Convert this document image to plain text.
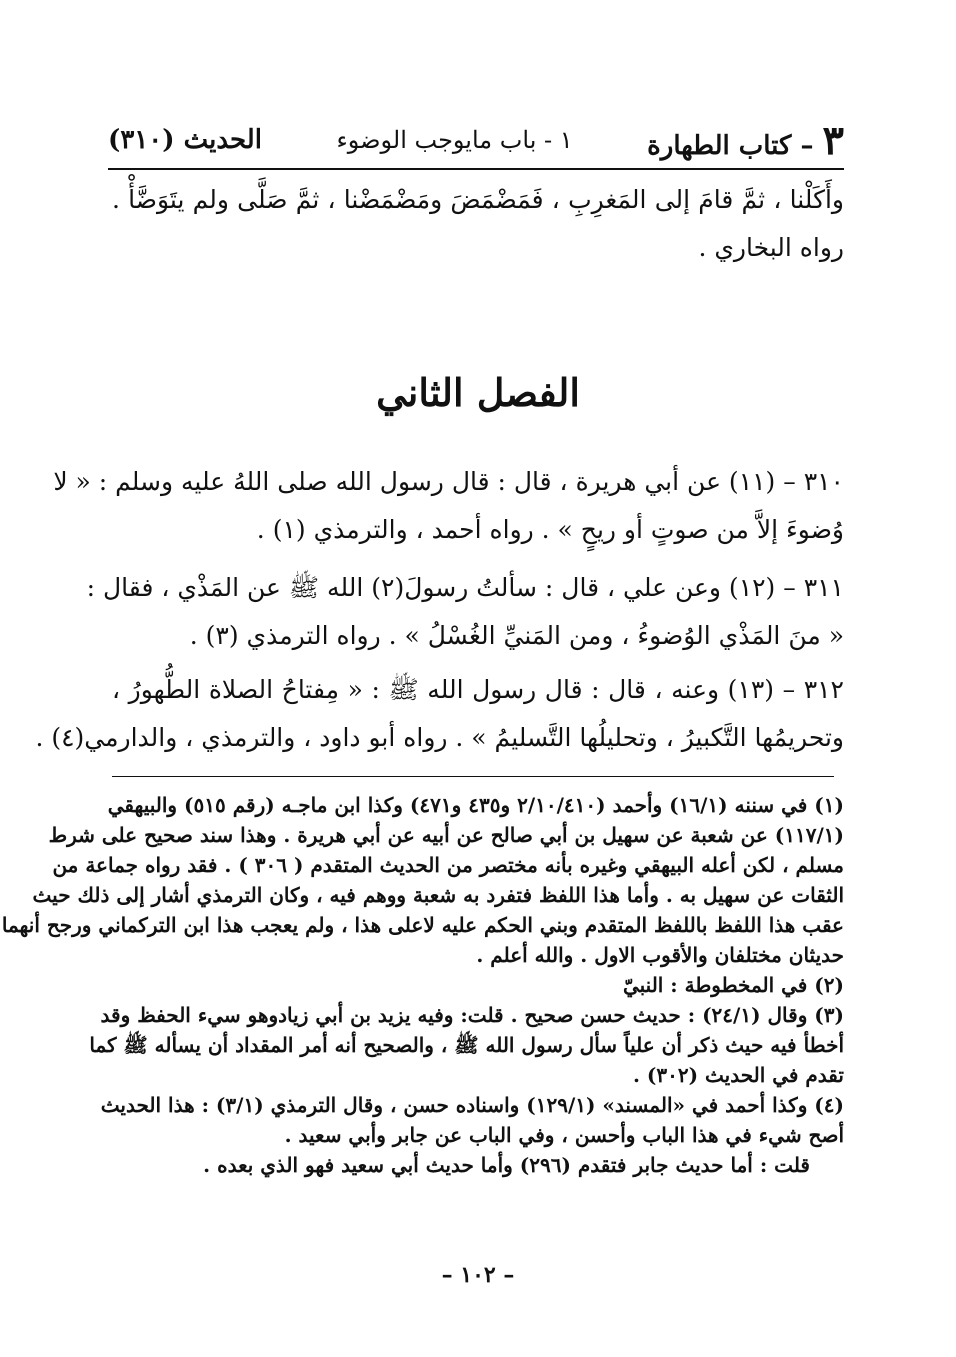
٣ – كتاب الطهارة
١ - باب مايوجب الوضوء
الحديث (٣١٠)
وأَكَلْنا ، ثمَّ قامَ إلى المَغرِبِ ، فَمَضْمَضَ ومَضْمَضْنا ، ثمَّ صَلَّى ولم يتَوَضَّأْ .
رواه البخاري .
الفصل الثاني
٣١٠ – (١١) عن أبي هريرة ، قال : قال رسول الله صلى اللهُ عليه وسلم : « لا
وُضوءَ إلاَّ من صوتٍ أو ريحٍ » . رواه أحمد ، والترمذي (١) .
٣١١ – (١٢) وعن علي ، قال : سألتُ رسولَ(٢) الله ﷺ عن المَذْي ، فقال :
« منَ المَذْي الوُضوءُ ، ومن المَنيِّ الغُسْلُ » . رواه الترمذي (٣) .
٣١٢ – (١٣) وعنه ، قال : قال رسول الله ﷺ : « مِفتاحُ الصلاة الطُّهورُ ،
وتحريمُها التَّكبيرُ ، وتحليلُها التَّسليمُ » . رواه أبو داود ، والترمذي ، والدارمي(٤) .
(١) في سننه (١٦/١) وأحمد (٢/١٠/٤١٠ و٤٣٥ و٤٧١) وكذا ابن ماجـه (رقم ٥١٥) والبيهقي
(١١٧/١) عن شعبة عن سهيل بن أبي صالح عن أبيه عن أبي هريرة . وهذا سند صحيح على شرط
مسلم ، لكن أعله البيهقي وغيره بأنه مختصر من الحديث المتقدم ( ٣٠٦ ) . فقد رواه جماعة من
الثقات عن سهيل به . وأما هذا اللفظ فتفرد به شعبة ووهم فيه ، وكان الترمذي أشار إلى ذلك حيث
عقب هذا اللفظ باللفظ المتقدم وبني الحكم عليه لاعلى هذا ، ولم يعجب هذا ابن التركماني ورجح أنهما
حديثان مختلفان والأقوب الاول . والله أعلم .
(٢) في المخطوطة : النبيّ
(٣) وقال (٢٤/١) : حديث حسن صحيح . قلت: وفيه يزيد بن أبي زيادوهو سيء الحفظ وقد
أخطأ فيه حيث ذكر أن علياً سأل رسول الله ﷺ ، والصحيح أنه أمر المقداد أن يسأله ﷺ كما
تقدم في الحديث (٣٠٢) .
(٤) وكذا أحمد في «المسند» (١٢٩/١) واسناده حسن ، وقال الترمذي (٣/١) : هذا الحديث
أصح شيء في هذا الباب وأحسن ، وفي الباب عن جابر وأبي سعيد .
قلت : أما حديث جابر فتقدم (٢٩٦) وأما حديث أبي سعيد فهو الذي بعده .
– ١٠٢ –
